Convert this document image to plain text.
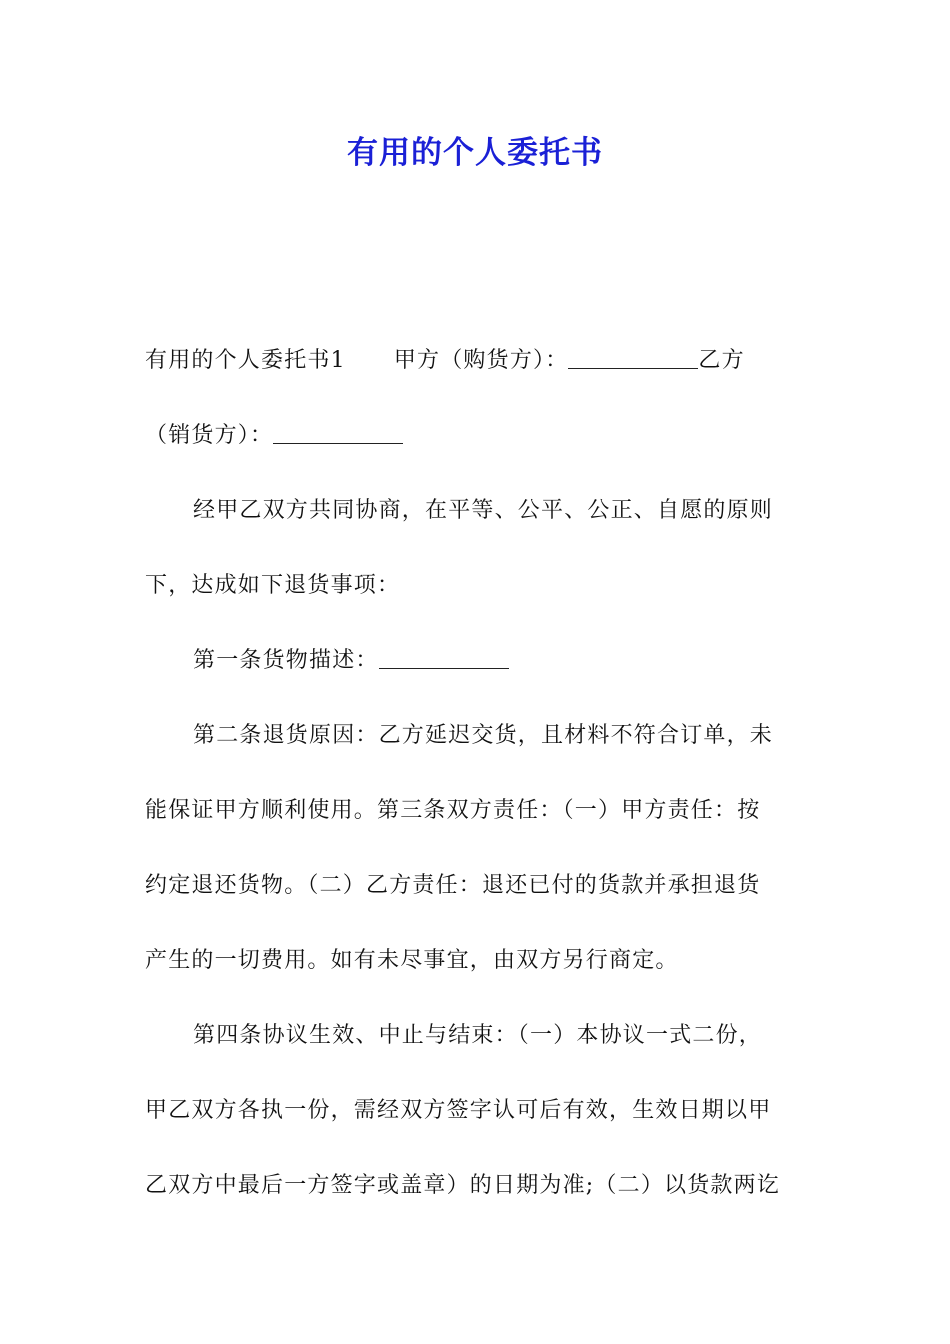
有用的个人委托书
有用的个人委托书1 甲方（购货方）：	乙方
（销货方）：
经甲乙双方共同协商，在平等、公平、公正、自愿的原则
下，达成如下退货事项：
第一条货物描述：
第二条退货原因：乙方延迟交货，且材料不符合订单，未
能保证甲方顺利使用。第三条双方责任：（一）甲方责任：按
约定退还货物。（二）乙方责任：退还已付的货款并承担退货
产生的一切费用。如有未尽事宜，由双方另行商定。
第四条协议生效、中止与结束：（一）本协议一式二份，
甲乙双方各执一份，需经双方签字认可后有效，生效日期以甲
乙双方中最后一方签字或盖章）的日期为准;（二）以货款两讫
